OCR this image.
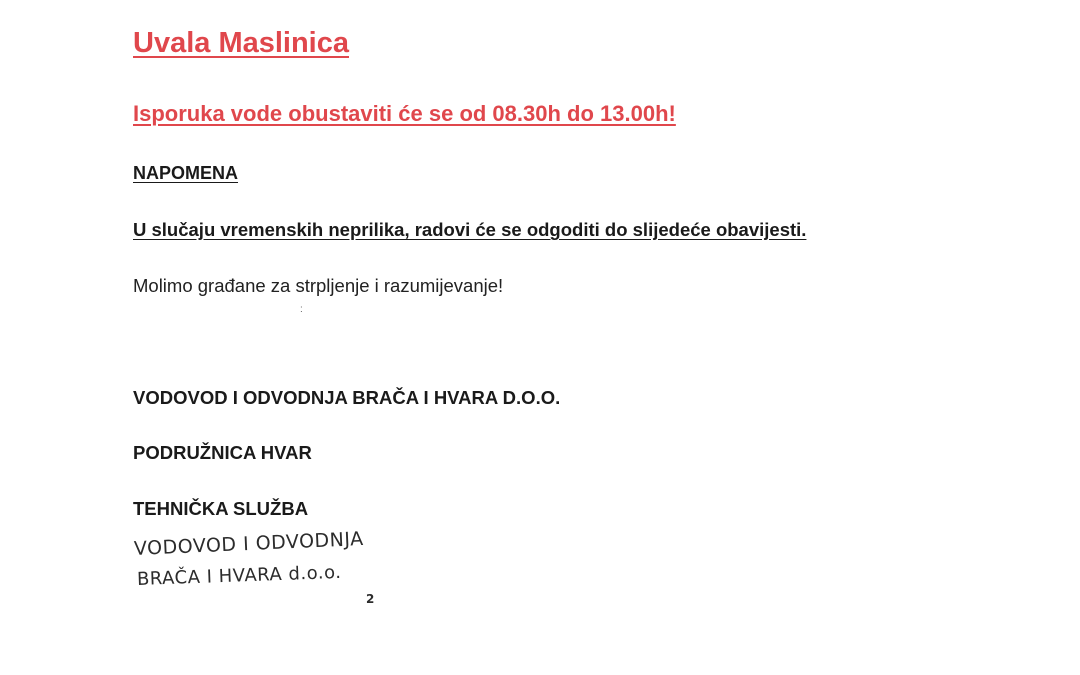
Uvala Maslinica
Isporuka vode obustaviti će se od 08.30h do 13.00h!
NAPOMENA
U slučaju vremenskih neprilika, radovi će se odgoditi do slijedeće obavijesti.
Molimo građane za strpljenje i razumijevanje!
:
VODOVOD I ODVODNJA BRAČA I HVARA D.O.O.
PODRUŽNICA HVAR
TEHNIČKA SLUŽBA
VODOVOD I ODVODNJA
BRAČA I HVARA d.o.o.
2
